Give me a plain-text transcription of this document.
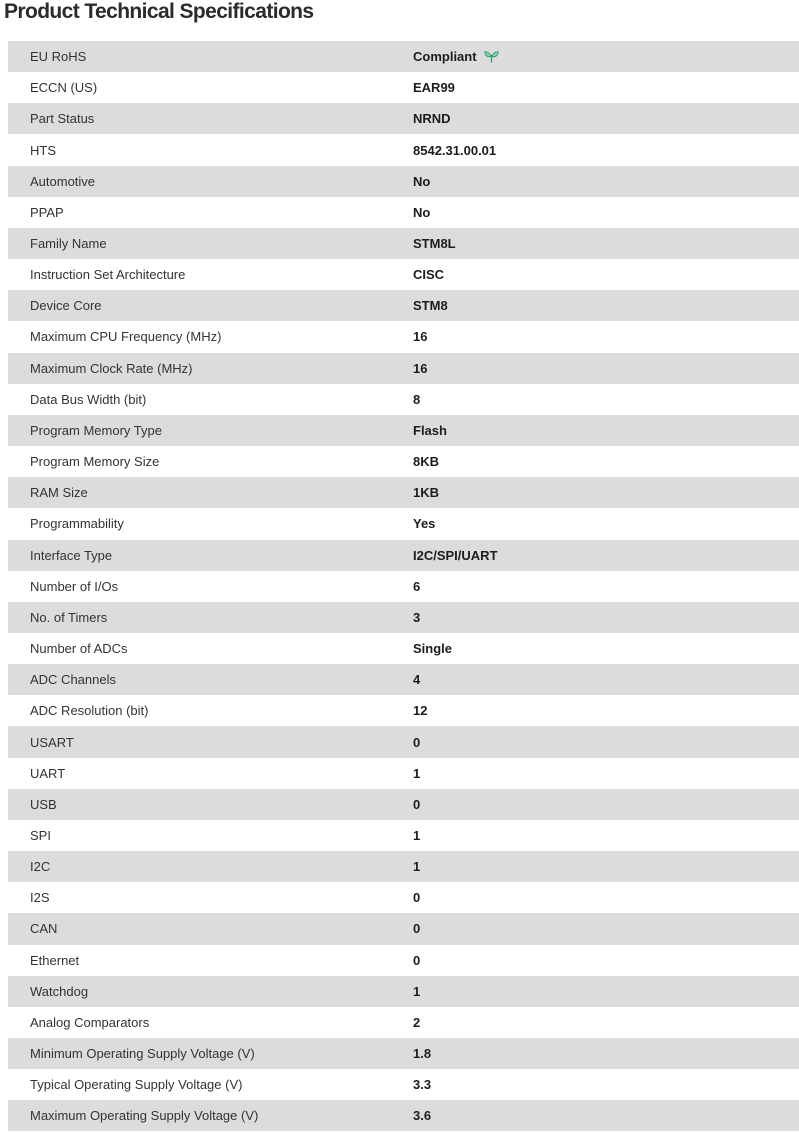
Product Technical Specifications
EU RoHS	Compliant
ECCN (US)	EAR99
Part Status	NRND
HTS	8542.31.00.01
Automotive	No
PPAP	No
Family Name	STM8L
Instruction Set Architecture	CISC
Device Core	STM8
Maximum CPU Frequency (MHz)	16
Maximum Clock Rate (MHz)	16
Data Bus Width (bit)	8
Program Memory Type	Flash
Program Memory Size	8KB
RAM Size	1KB
Programmability	Yes
Interface Type	I2C/SPI/UART
Number of I/Os	6
No. of Timers	3
Number of ADCs	Single
ADC Channels	4
ADC Resolution (bit)	12
USART	0
UART	1
USB	0
SPI	1
I2C	1
I2S	0
CAN	0
Ethernet	0
Watchdog	1
Analog Comparators	2
Minimum Operating Supply Voltage (V)	1.8
Typical Operating Supply Voltage (V)	3.3
Maximum Operating Supply Voltage (V)	3.6
